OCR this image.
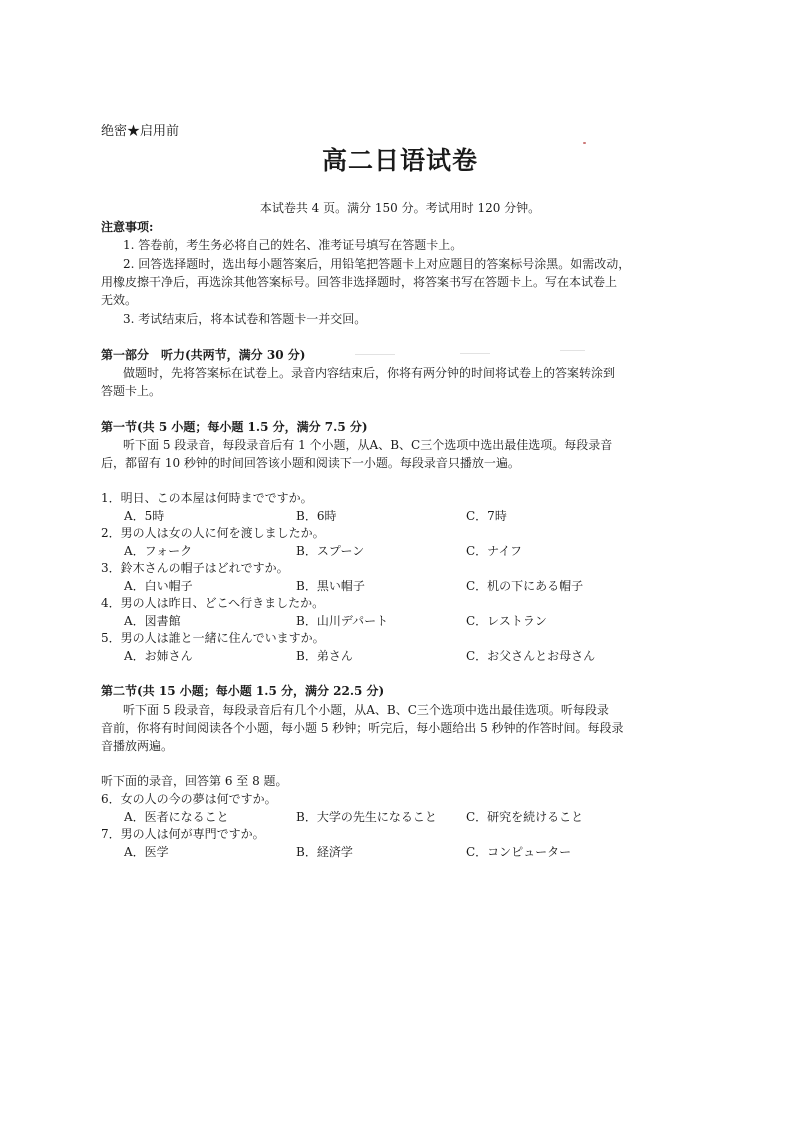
绝密★启用前
高二日语试卷
本试卷共 4 页。满分 150 分。考试用时 120 分钟。
注意事项:
1. 答卷前，考生务必将自己的姓名、准考证号填写在答题卡上。
2. 回答选择题时，选出每小题答案后，用铅笔把答题卡上对应题目的答案标号涂黑。如需改动，
用橡皮擦干净后，再选涂其他答案标号。回答非选择题时，将答案书写在答题卡上。写在本试卷上
无效。
3. 考试结束后，将本试卷和答题卡一并交回。
第一部分　听力(共两节，满分 30 分)
做题时，先将答案标在试卷上。录音内容结束后，你将有两分钟的时间将试卷上的答案转涂到
答题卡上。
第一节(共 5 小题；每小题 1.5 分，满分 7.5 分)
听下面 5 段录音，每段录音后有 1 个小题，从A、B、C三个选项中选出最佳选项。每段录音
后，都留有 10 秒钟的时间回答该小题和阅读下一小题。每段录音只播放一遍。
1．明日、この本屋は何時までですか。
A．5時	B．6時	C．7時
2．男の人は女の人に何を渡しましたか。
A．フォーク	B．スプーン	C．ナイフ
3．鈴木さんの帽子はどれですか。
A．白い帽子	B．黒い帽子	C．机の下にある帽子
4．男の人は昨日、どこへ行きましたか。
A．図書館	B．山川デパート	C．レストラン
5．男の人は誰と一緒に住んでいますか。
A．お姉さん	B．弟さん	C．お父さんとお母さん
第二节(共 15 小题；每小题 1.5 分，满分 22.5 分)
听下面 5 段录音，每段录音后有几个小题，从A、B、C三个选项中选出最佳选项。听每段录
音前，你将有时间阅读各个小题，每小题 5 秒钟；听完后，每小题给出 5 秒钟的作答时间。每段录
音播放两遍。
听下面的录音，回答第 6 至 8 题。
6．女の人の今の夢は何ですか。
A．医者になること	B．大学の先生になること C．研究を続けること
7．男の人は何が専門ですか。
A．医学	B．経済学	C．コンピューター
